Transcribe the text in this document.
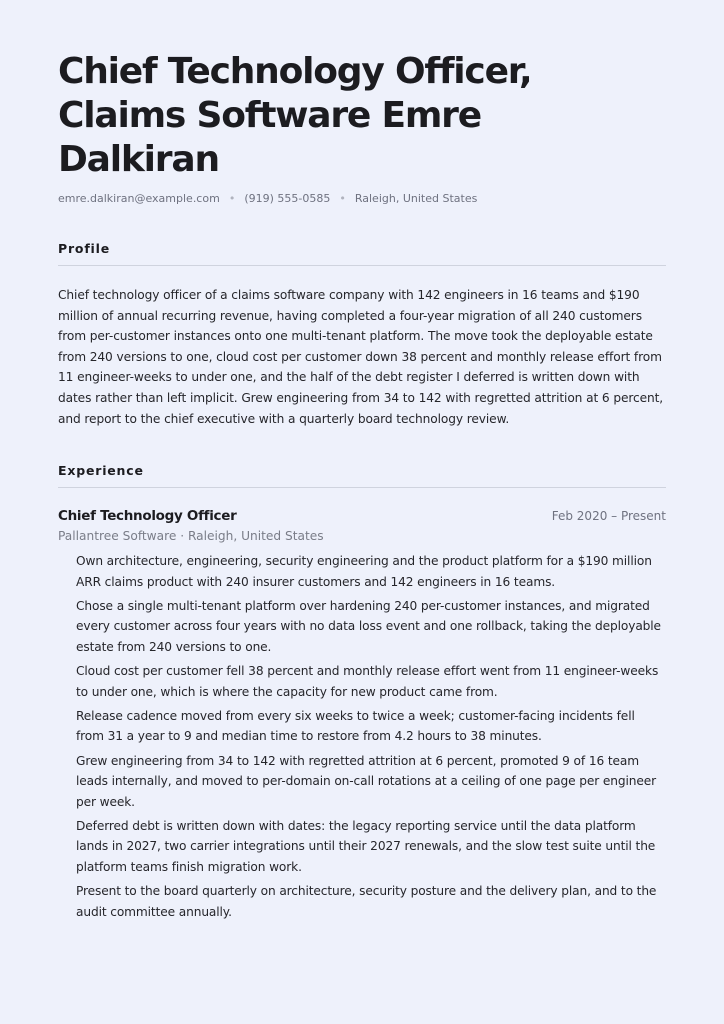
Chief Technology Officer, Claims Software Emre Dalkiran
emre.dalkiran@example.com • (919) 555-0585 • Raleigh, United States
Profile

Chief technology officer of a claims software company with 142 engineers in 16 teams and $190 million of annual recurring revenue, having completed a four-year migration of all 240 customers from per-customer instances onto one multi-tenant platform. The move took the deployable estate from 240 versions to one, cloud cost per customer down 38 percent and monthly release effort from 11 engineer-weeks to under one, and the half of the debt register I deferred is written down with dates rather than left implicit. Grew engineering from 34 to 142 with regretted attrition at 6 percent, and report to the chief executive with a quarterly board technology review.

Experience
Chief Technology Officer	Feb 2020 – Present
Pallantree Software · Raleigh, United States
Own architecture, engineering, security engineering and the product platform for a $190 million ARR claims product with 240 insurer customers and 142 engineers in 16 teams.
Chose a single multi-tenant platform over hardening 240 per-customer instances, and migrated every customer across four years with no data loss event and one rollback, taking the deployable estate from 240 versions to one.
Cloud cost per customer fell 38 percent and monthly release effort went from 11 engineer-weeks to under one, which is where the capacity for new product came from.
Release cadence moved from every six weeks to twice a week; customer-facing incidents fell from 31 a year to 9 and median time to restore from 4.2 hours to 38 minutes.
Grew engineering from 34 to 142 with regretted attrition at 6 percent, promoted 9 of 16 team leads internally, and moved to per-domain on-call rotations at a ceiling of one page per engineer per week.
Deferred debt is written down with dates: the legacy reporting service until the data platform lands in 2027, two carrier integrations until their 2027 renewals, and the slow test suite until the platform teams finish migration work.
Present to the board quarterly on architecture, security posture and the delivery plan, and to the audit committee annually.
